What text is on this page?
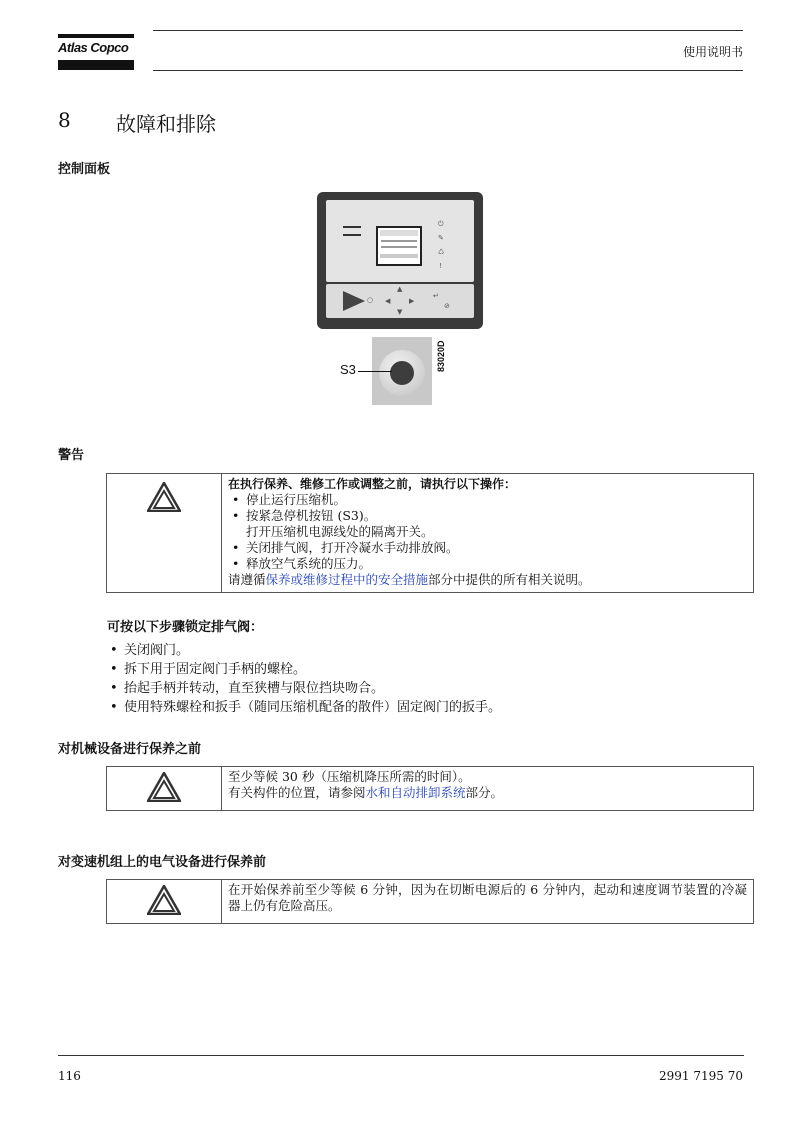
Atlas Copco	使用说明书
8 故障和排除
控制面板
⏻
✎
♺
!
○
▲
◀	▶
▼
↵
⊘
S3	83020D
警告
在执行保养、维修工作或调整之前，请执行以下操作：
• 停止运行压缩机。
• 按紧急停机按钮 (S3)。
打开压缩机电源线处的隔离开关。
• 关闭排气阀，打开冷凝水手动排放阀。
• 释放空气系统的压力。
请遵循保养或维修过程中的安全措施部分中提供的所有相关说明。
可按以下步骤锁定排气阀：
• 关闭阀门。
• 拆下用于固定阀门手柄的螺栓。
• 抬起手柄并转动，直至狭槽与限位挡块吻合。
• 使用特殊螺栓和扳手（随同压缩机配备的散件）固定阀门的扳手。
对机械设备进行保养之前
至少等候 30 秒（压缩机降压所需的时间）。
有关构件的位置，请参阅水和自动排卸系统部分。
对变速机组上的电气设备进行保养前
在开始保养前至少等候 6 分钟，因为在切断电源后的 6 分钟内，起动和速度调节装置的冷凝器上仍有危险高压。
116	2991 7195 70
